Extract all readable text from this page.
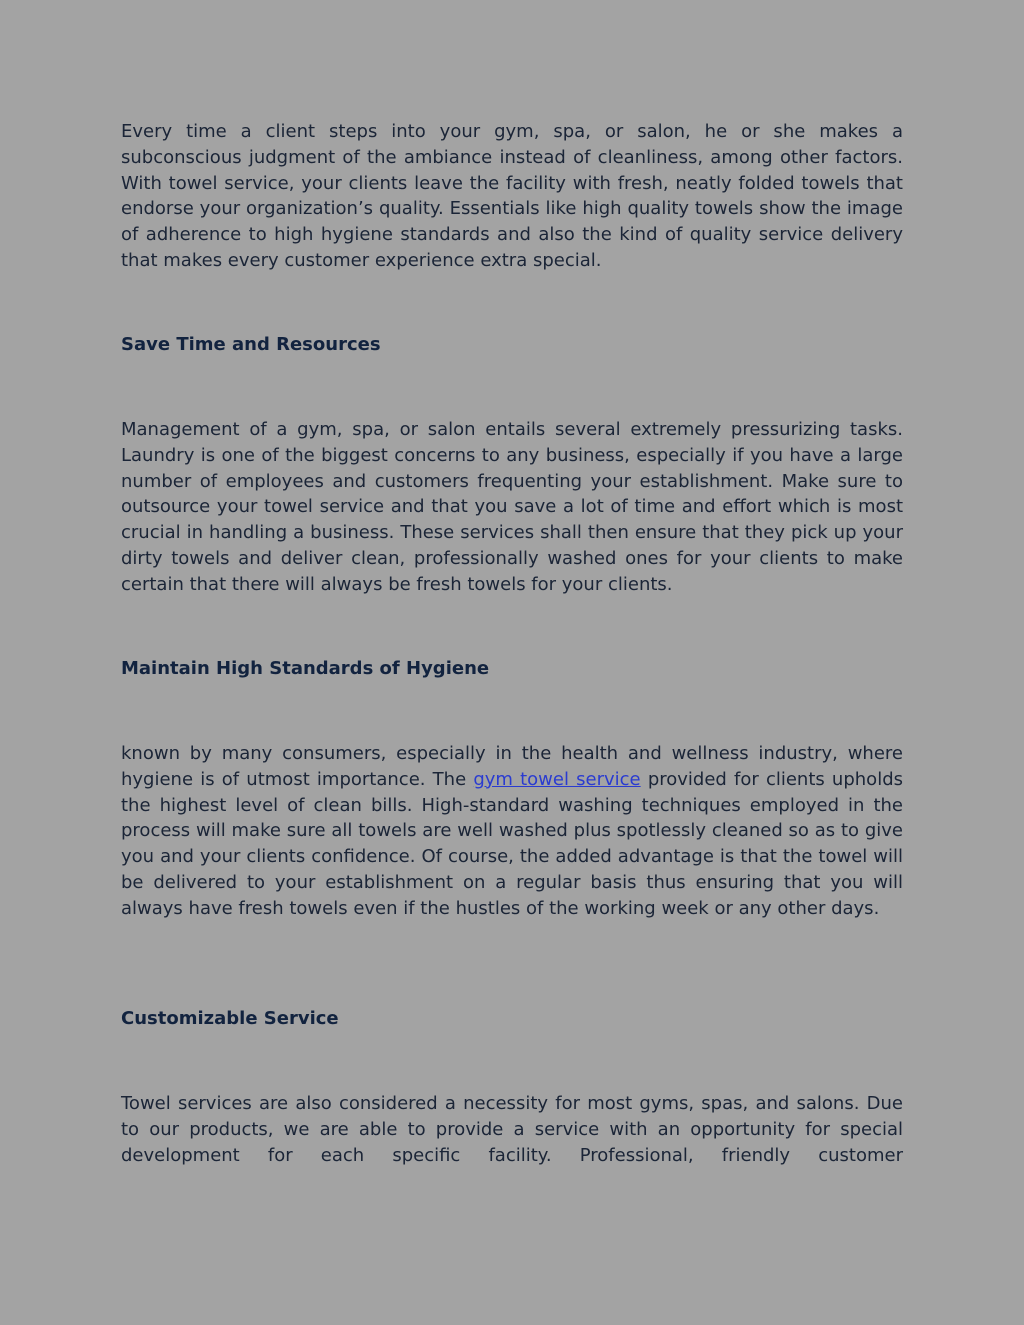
Every time a client steps into your gym, spa, or salon, he or she makes a subconscious judgment of the ambiance instead of cleanliness, among other factors. With towel service, your clients leave the facility with fresh, neatly folded towels that endorse your organization’s quality. Essentials like high quality towels show the image of adherence to high hygiene standards and also the kind of quality service delivery that makes every customer experience extra special.

Save Time and Resources

Management of a gym, spa, or salon entails several extremely pressurizing tasks. Laundry is one of the biggest concerns to any business, especially if you have a large number of employees and customers frequenting your establishment. Make sure to outsource your towel service and that you save a lot of time and effort which is most crucial in handling a business. These services shall then ensure that they pick up your dirty towels and deliver clean, professionally washed ones for your clients to make certain that there will always be fresh towels for your clients.

Maintain High Standards of Hygiene

known by many consumers, especially in the health and wellness industry, where hygiene is of utmost importance. The gym towel service provided for clients upholds the highest level of clean bills. High-standard washing techniques employed in the process will make sure all towels are well washed plus spotlessly cleaned so as to give you and your clients confidence. Of course, the added advantage is that the towel will be delivered to your establishment on a regular basis thus ensuring that you will always have fresh towels even if the hustles of the working week or any other days.

Customizable Service

Towel services are also considered a necessity for most gyms, spas, and salons. Due to our products, we are able to provide a service with an opportunity for special development for each specific facility. Professional, friendly customer
